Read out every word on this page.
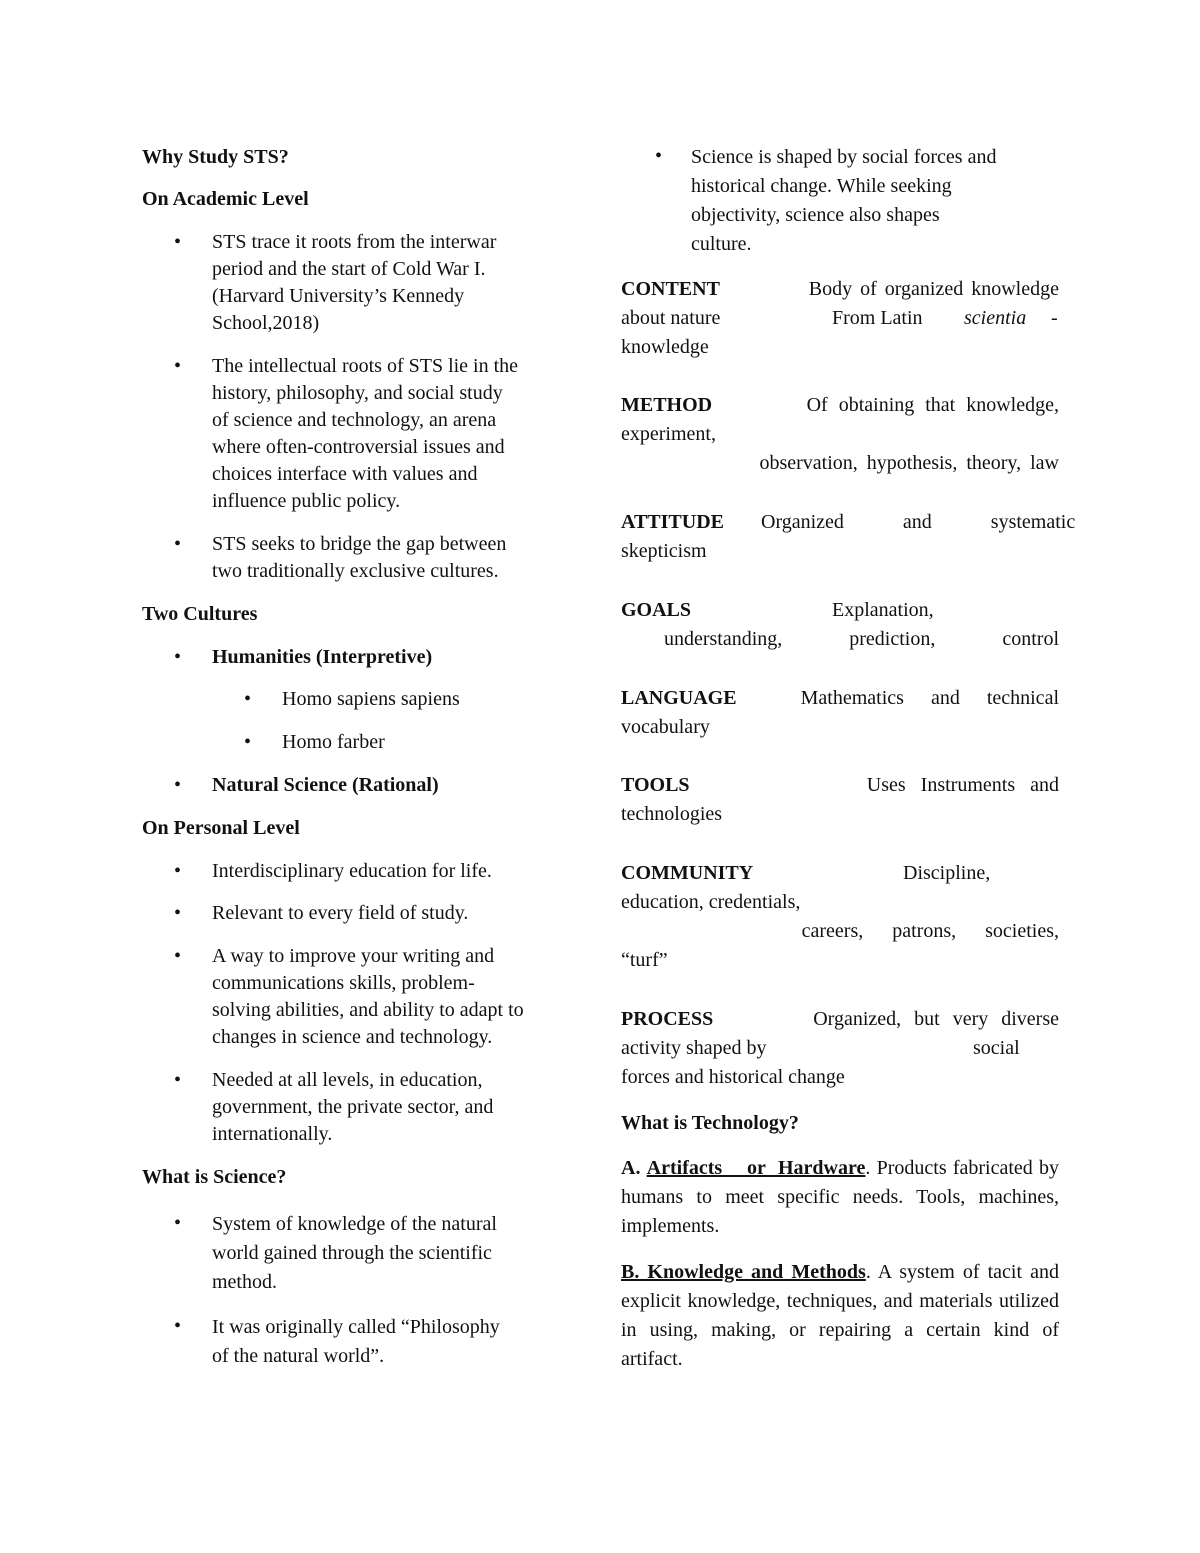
Why Study STS?
On Academic Level
• STS trace it roots from the interwar
period and the start of Cold War I.
(Harvard University’s Kennedy
School,2018)
• The intellectual roots of STS lie in the
history, philosophy, and social study
of science and technology, an arena
where often-controversial issues and
choices interface with values and
influence public policy.
• STS seeks to bridge the gap between
two traditionally exclusive cultures.
Two Cultures
• Humanities (Interpretive)
• Homo sapiens sapiens
• Homo farber
• Natural Science (Rational)
On Personal Level
• Interdisciplinary education for life.
• Relevant to every field of study.
• A way to improve your writing and
communications skills, problem-
solving abilities, and ability to adapt to
changes in science and technology.
• Needed at all levels, in education,
government, the private sector, and
internationally.
What is Science?
• System of knowledge of the natural
world gained through the scientific
method.
• It was originally called “Philosophy
of the natural world”.
• Science is shaped by social forces and
historical change. While seeking
objectivity, science also shapes
culture.
CONTENT	Body of organized knowledge
about nature	From Latin scientia -
knowledge
METHOD	Of obtaining that knowledge,
experiment,
observation, hypothesis, theory, law
ATTITUDE Organized and systematic
skepticism
GOALS	Explanation,
understanding, prediction, control
LANGUAGE	Mathematics and technical
vocabulary
TOOLS	Uses Instruments and
technologies
COMMUNITY	Discipline,
education, credentials,
careers, patrons, societies,
“turf”
PROCESS	Organized, but very diverse
activity shaped by	social
forces and historical change
What is Technology?
A. Artifacts    or  Hardware. Products fabricated by humans to meet specific needs. Tools, machines, implements.
B. Knowledge and Methods. A system of tacit and explicit knowledge, techniques, and materials utilized in using, making, or repairing a certain kind of artifact.
